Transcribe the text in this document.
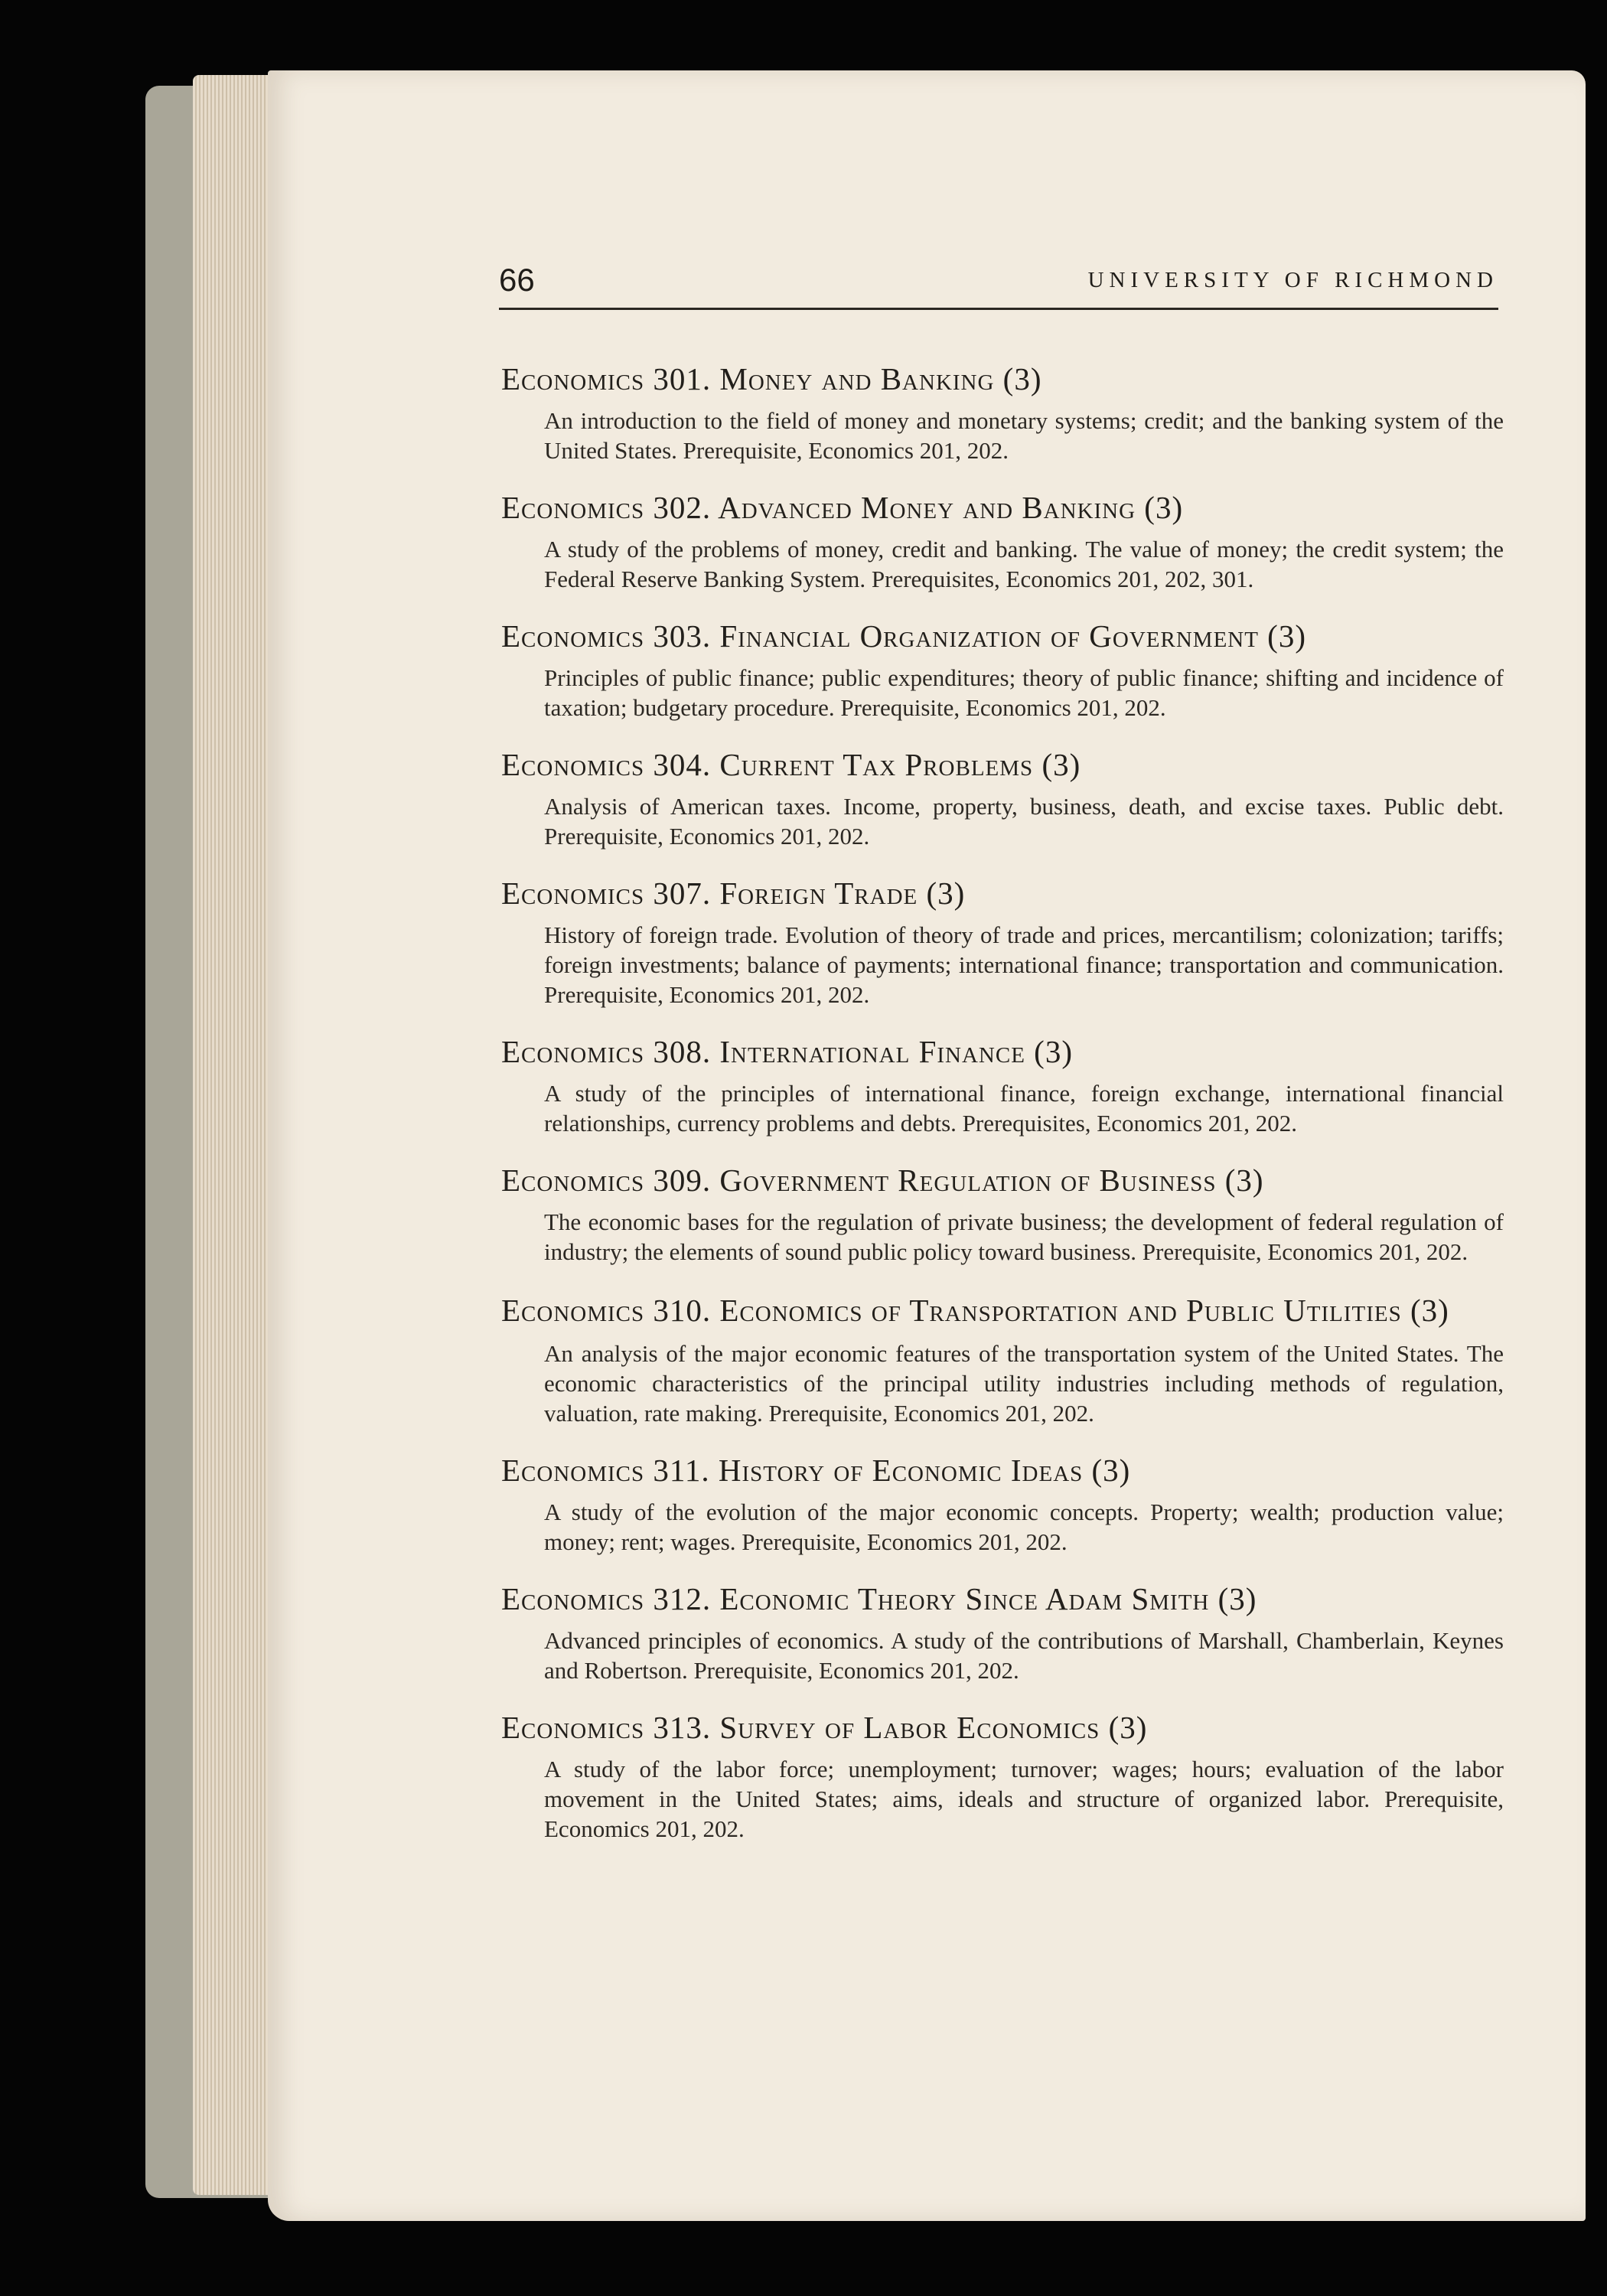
66	UNIVERSITY OF RICHMOND
Economics 301. Money and Banking (3)
An introduction to the field of money and monetary systems; credit; and the banking system of the United States. Prerequisite, Economics 201, 202.
Economics 302. Advanced Money and Banking (3)
A study of the problems of money, credit and banking. The value of money; the credit system; the Federal Reserve Banking System. Prerequisites, Economics 201, 202, 301.
Economics 303. Financial Organization of Government (3)
Principles of public finance; public expenditures; theory of public finance; shifting and incidence of taxation; budgetary procedure. Prerequisite, Economics 201, 202.
Economics 304. Current Tax Problems (3)
Analysis of American taxes. Income, property, business, death, and excise taxes. Public debt. Prerequisite, Economics 201, 202.
Economics 307. Foreign Trade (3)
History of foreign trade. Evolution of theory of trade and prices, mercantilism; colonization; tariffs; foreign investments; balance of payments; international finance; transportation and communication. Prerequisite, Economics 201, 202.
Economics 308. International Finance (3)
A study of the principles of international finance, foreign exchange, international financial relationships, currency problems and debts. Prerequisites, Economics 201, 202.
Economics 309. Government Regulation of Business (3)
The economic bases for the regulation of private business; the development of federal regulation of industry; the elements of sound public policy toward business. Prerequisite, Economics 201, 202.
Economics 310. Economics of Transportation and Public Utilities (3)
An analysis of the major economic features of the transportation system of the United States. The economic characteristics of the principal utility industries including methods of regulation, valuation, rate making. Prerequisite, Economics 201, 202.
Economics 311. History of Economic Ideas (3)
A study of the evolution of the major economic concepts. Property; wealth; production value; money; rent; wages. Prerequisite, Economics 201, 202.
Economics 312. Economic Theory Since Adam Smith (3)
Advanced principles of economics. A study of the contributions of Marshall, Chamberlain, Keynes and Robertson. Prerequisite, Economics 201, 202.
Economics 313. Survey of Labor Economics (3)
A study of the labor force; unemployment; turnover; wages; hours; evaluation of the labor movement in the United States; aims, ideals and structure of organized labor. Prerequisite, Economics 201, 202.
